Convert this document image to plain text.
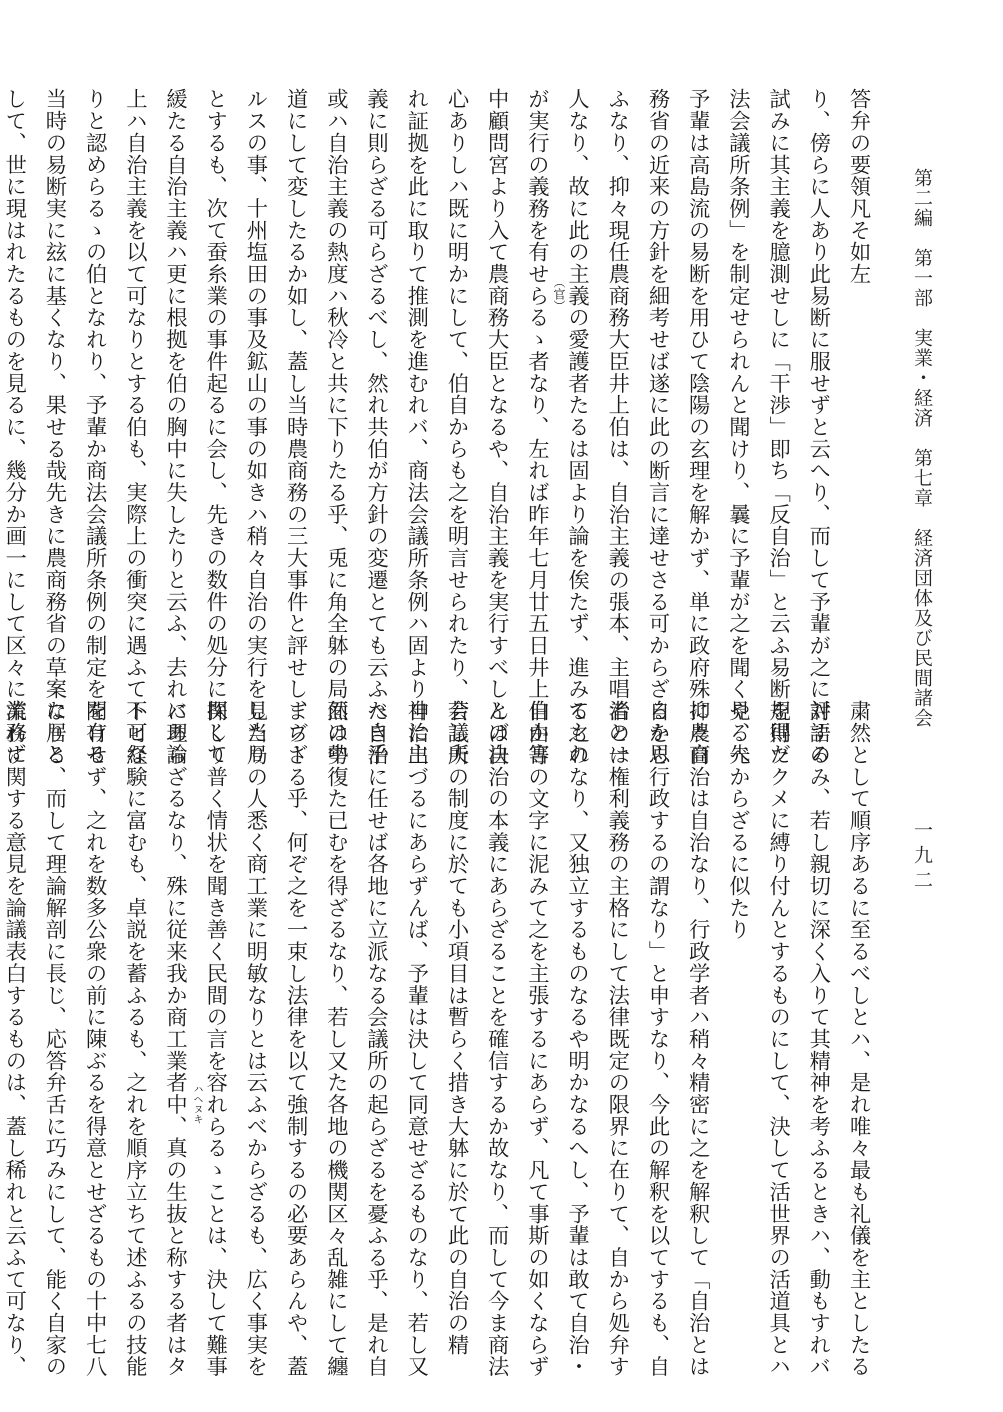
第二編　第一部　実業・経済　第七章　経済団体及び民間諸会
一九二
答弁の要領凡そ如左
り、傍らに人あり此易断に服せずと云へり、而して予輩が之に対する
試みに其主義を臆測せしに「干渉」即ち「反自治」と云ふ易断を得た
法会議所条例」を制定せられんと聞けり、曩に予輩が之を聞くや、先
予輩は高島流の易断を用ひて陰陽の玄理を解かず、単に政府殊に農商
務省の近来の方針を細考せば遂に此の断言に達せさる可からざるを思
ふなり、抑々現任農商務大臣井上伯は、自治主義の張本、主唱者の一
人なり、故に此の主義の愛護者たるは固より論を俟たず、進みて之れ
が実行の義務を有せらるゝ者なり、左れば昨年七月廿五日井上伯か宮
中顧問宮より入て農商務大臣となるや、自治主義を実行すべしとの決
心ありしハ既に明かにして、伯自からも之を明言せられたり、若し夫
れ証拠を此に取りて推測を進むれバ、商法会議所条例ハ固より自治主
義に則らざる可らざるべし、然れ共伯が方針の変遷とても云ふべき乎
或ハ自治主義の熱度ハ秋冷と共に下りたる乎、兎に角全躰の局面は中
道にして変したるか如し、蓋し当時農商務の三大事件と評せし、ブー
ルスの事、十州塩田の事及鉱山の事の如きハ稍々自治の実行を見たり
とするも、次て蚕糸業の事件起るに会し、先きの数件の処分に関して
緩たる自治主義ハ更に根拠を伯の胸中に失したりと云ふ、去れバ理論
上ハ自治主義を以て可なりとする伯も、実際上の衝突に遇ふて不可な
りと認めらるゝの伯となれり、予輩か商法会議所条例の制定を聞ける
当時の易断実に玆に基くなり、果せる哉先きに農商務省の草案なりと
して、世に現はれたるものを見るに、幾分か画一にして区々に流れず	（官）
粛然として順序あるに至るべしとハ、是れ唯々最も礼儀を主としたる
評語のみ、若し親切に深く入りて其精神を考ふるときハ、動もすれバ
規則ヅクメに縛り付んとするものにして、決して活世界の活道具とハ
見るべからざるに似たり
抑々自治は自治なり、行政学者ハ稍々精密に之を解釈して「自治とは
自から行政するの謂なり」と申すなり、今此の解釈を以てするも、自
治とは権利義務の主格にして法律既定の限界に在りて、自から処弁す
るものなり、又独立するものなるや明かなるへし、予輩は敢て自治・
自由等の文字に泥みて之を主張するにあらず、凡て事斯の如くならず
んば自治の本義にあらざることを確信するか故なり、而して今ま商法
会議所の制度に於ても小項目は暫らく措き大躰に於て此の自治の精
神に出づるにあらずんば、予輩は決して同意せざるものなり、若し又
た自治に任せば各地に立派なる会議所の起らざるを憂ふる乎、是れ自
然の勢復た已むを得ざるなり、若し又た各地の機関区々乱雑にして纏
まらざる乎、何ぞ之を一束し法律を以て強制するの必要あらんや、蓋
し当局の人悉く商工業に明敏なりとは云ふべからざるも、広く事実を
探くり普く情状を聞き善く民間の言を容れらるゝことは、決して難事
にあらざるなり、殊に従来我か商工業者中、真の生抜と称する者はタ
トヒ経験に富むも、卓説を蓄ふるも、之れを順序立ちて述ふるの技能
を有せず、之れを数多公衆の前に陳ぶるを得意とせざるもの十中七八
に居る、而して理論解剖に長じ、応答弁舌に巧みにして、能く自家の
業務に関する意見を論議表白するものは、蓋し稀れと云ふて可なり、	ハヘヌキ
